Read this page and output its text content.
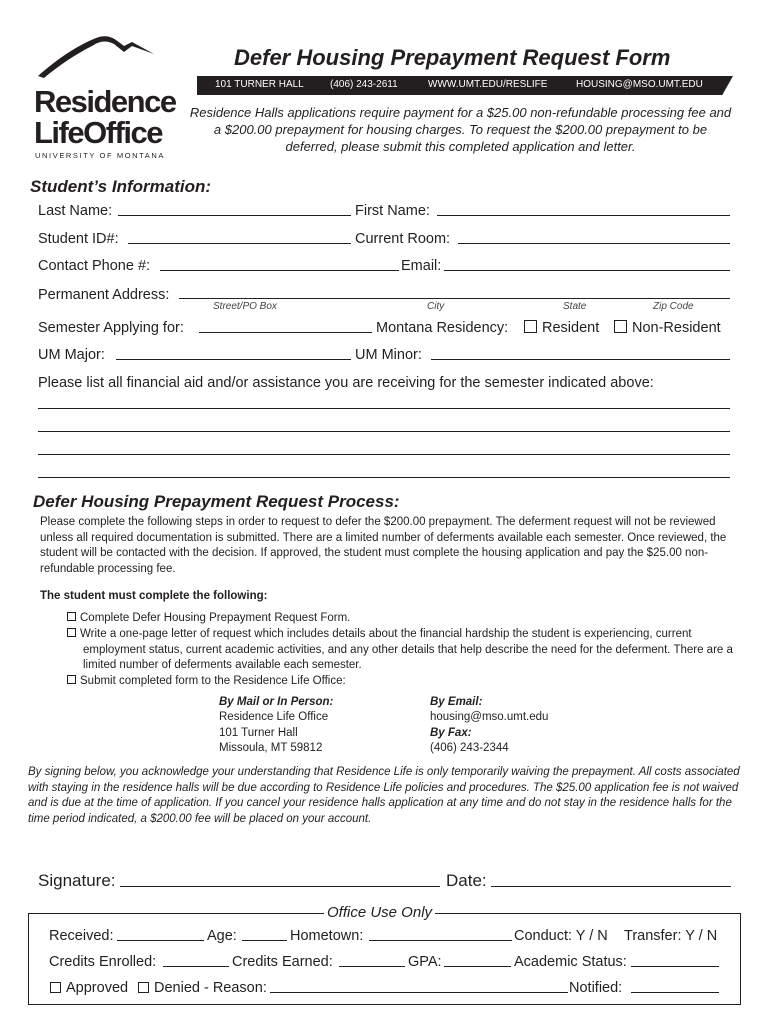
Residence
LifeOffice
UNIVERSITY OF MONTANA
Defer Housing Prepayment Request Form
101 TURNER HALL	(406) 243-2611	WWW.UMT.EDU/RESLIFE	HOUSING@MSO.UMT.EDU
Residence Halls applications require payment for a $25.00 non-refundable processing fee and a $200.00 prepayment for housing charges. To request the $200.00 prepayment to be deferred, please submit this completed application and letter.
Student’s Information:
Last Name:	First Name:
Student ID#:	Current Room:
Contact Phone #:	Email:
Permanent Address:
Street/PO Box	City	State	Zip Code
Semester Applying for:	Montana Residency:	Resident	Non-Resident
UM Major:	UM Minor:
Please list all financial aid and/or assistance you are receiving for the semester indicated above:
Defer Housing Prepayment Request Process:
Please complete the following steps in order to request to defer the $200.00 prepayment. The deferment request will not be reviewed unless all required documentation is submitted. There are a limited number of deferments available each semester. Once reviewed, the student will be contacted with the decision. If approved, the student must complete the housing application and pay the $25.00 non-refundable processing fee.
The student must complete the following:
Complete Defer Housing Prepayment Request Form.
Write a one-page letter of request which includes details about the financial hardship the student is experiencing, current employment status, current academic activities, and any other details that help describe the need for the deferment. There are a limited number of deferments available each semester.
Submit completed form to the Residence Life Office:
By Mail or In Person:
Residence Life Office
101 Turner Hall
Missoula, MT 59812
By Email:
housing@mso.umt.edu
By Fax:
(406) 243-2344
By signing below, you acknowledge your understanding that Residence Life is only temporarily waiving the prepayment. All costs associated with staying in the residence halls will be due according to Residence Life policies and procedures. The $25.00 application fee is not waived and is due at the time of application. If you cancel your residence halls application at any time and do not stay in the residence halls for the time period indicated, a $200.00 fee will be placed on your account.
Signature:	Date:
Office Use Only
Received:	Age:	Hometown:	Conduct: Y / N Transfer: Y / N
Credits Enrolled:	Credits Earned:	GPA:	Academic Status:
Approved	Denied - Reason:	Notified:
